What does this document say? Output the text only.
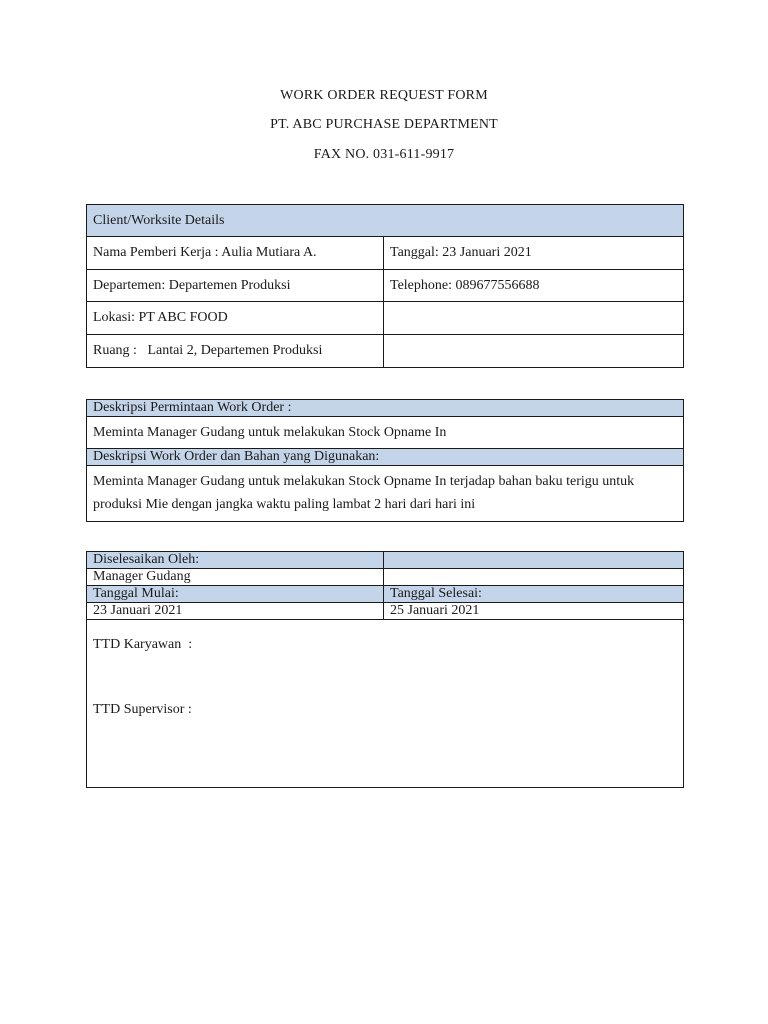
WORK ORDER REQUEST FORM
PT. ABC PURCHASE DEPARTMENT
FAX NO. 031-611-9917
Client/Worksite Details	
Nama Pemberi Kerja : Aulia Mutiara A.	Tanggal: 23 Januari 2021
Departemen: Departemen Produksi	Telephone: 089677556688
Lokasi: PT ABC FOOD	
Ruang :   Lantai 2, Departemen Produksi	
Deskripsi Permintaan Work Order :
Meminta Manager Gudang untuk melakukan Stock Opname In
Deskripsi Work Order dan Bahan yang Digunakan:
Meminta Manager Gudang untuk melakukan Stock Opname In terjadap bahan baku terigu untuk produksi Mie dengan jangka waktu paling lambat 2 hari dari hari ini
Diselesaikan Oleh:	
Manager Gudang	
Tanggal Mulai:	Tanggal Selesai:
23 Januari 2021	25 Januari 2021

TTD Karyawan  :
TTD Supervisor :	
